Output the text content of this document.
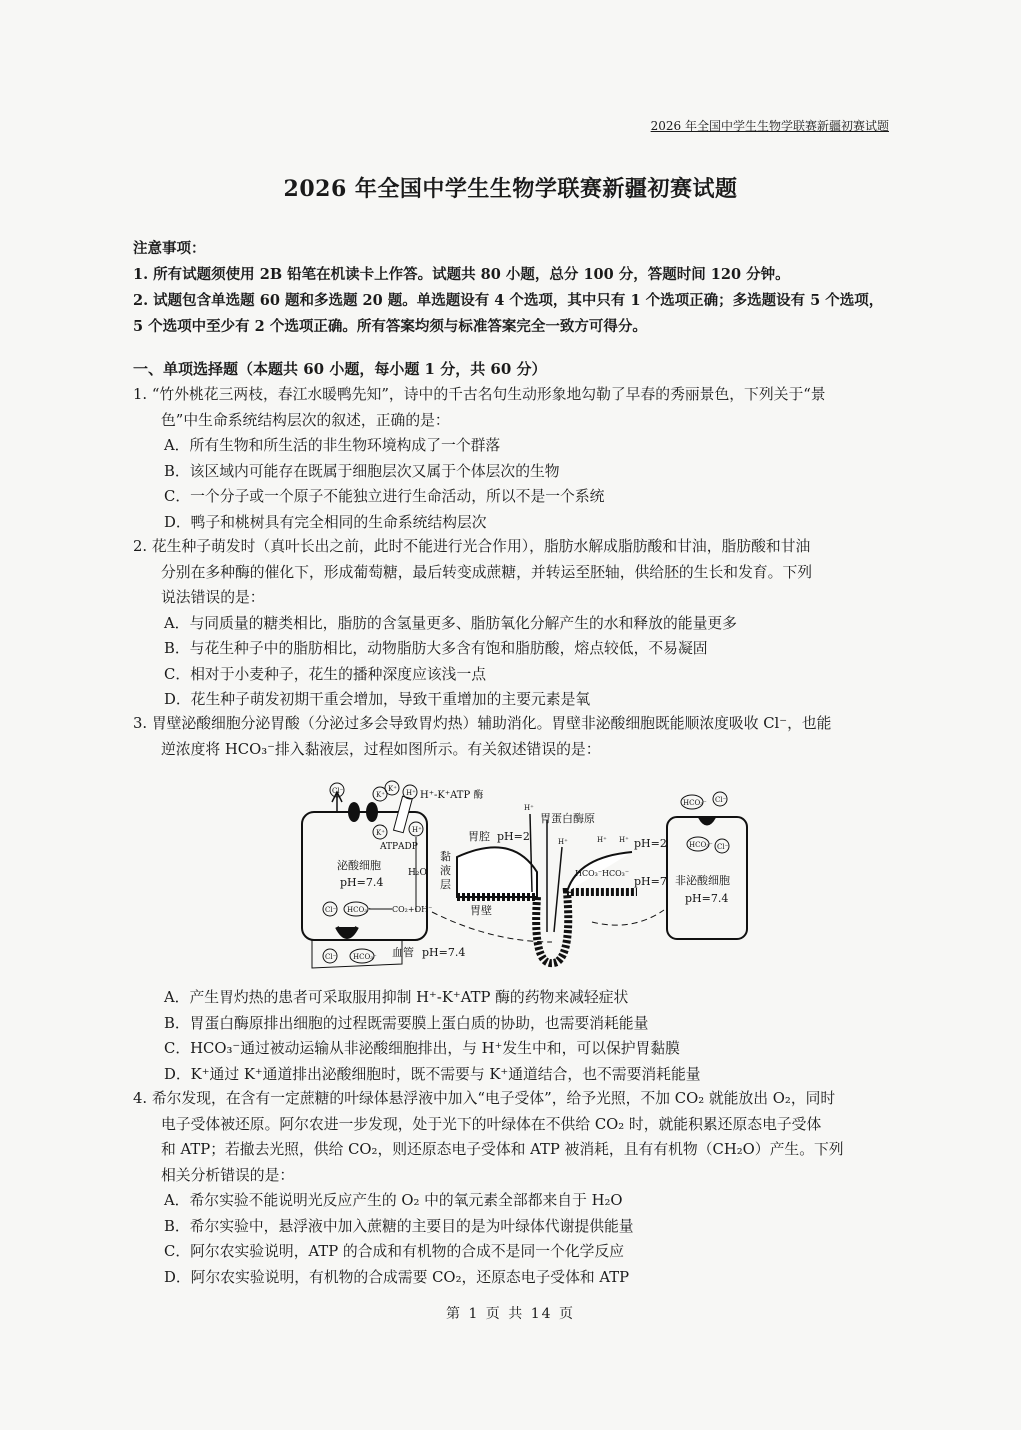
2026 年全国中学生生物学联赛新疆初赛试题
2026 年全国中学生生物学联赛新疆初赛试题
注意事项：
1. 所有试题须使用 2B 铅笔在机读卡上作答。试题共 80 小题，总分 100 分，答题时间 120 分钟。
2. 试题包含单选题 60 题和多选题 20 题。单选题设有 4 个选项，其中只有 1 个选项正确；多选题设有 5 个选项，
5 个选项中至少有 2 个选项正确。所有答案均须与标准答案完全一致方可得分。
一、单项选择题（本题共 60 小题，每小题 1 分，共 60 分）
1. “竹外桃花三两枝，春江水暖鸭先知”，诗中的千古名句生动形象地勾勒了早春的秀丽景色，下列关于“景
色”中生命系统结构层次的叙述，正确的是：
A．所有生物和所生活的非生物环境构成了一个群落
B．该区域内可能存在既属于细胞层次又属于个体层次的生物
C．一个分子或一个原子不能独立进行生命活动，所以不是一个系统
D．鸭子和桃树具有完全相同的生命系统结构层次
2. 花生种子萌发时（真叶长出之前，此时不能进行光合作用），脂肪水解成脂肪酸和甘油，脂肪酸和甘油
分别在多种酶的催化下，形成葡萄糖，最后转变成蔗糖，并转运至胚轴，供给胚的生长和发育。下列
说法错误的是：
A．与同质量的糖类相比，脂肪的含氢量更多、脂肪氧化分解产生的水和释放的能量更多
B．与花生种子中的脂肪相比，动物脂肪大多含有饱和脂肪酸，熔点较低，不易凝固
C．相对于小麦种子，花生的播种深度应该浅一点
D．花生种子萌发初期干重会增加，导致干重增加的主要元素是氧
3. 胃壁泌酸细胞分泌胃酸（分泌过多会导致胃灼热）辅助消化。胃壁非泌酸细胞既能顺浓度吸收 Cl⁻，也能
逆浓度将 HCO₃⁻排入黏液层，过程如图所示。有关叙述错误的是：
Cl⁻	K⁺
K⁺
K⁺
H⁺ H⁺-K⁺ATP 酶
H⁺
ATP ADP
H₂O
泌酸细胞
pH=7.4
Cl⁻ HCO₃⁻	CO₂+OH⁻
Cl⁻ HCO₃⁻ 血管 pH=7.4
胃腔 pH=2
黏
液
层
胃壁
H⁺
胃蛋白酶原
H⁺	H⁺ H⁺ pH=2
pH=7
HCO₃⁻ HCO₃⁻
HCO₃⁻ Cl⁻
HCO₃⁻ Cl⁻
非泌酸细胞
pH=7.4
A．产生胃灼热的患者可采取服用抑制 H⁺-K⁺ATP 酶的药物来减轻症状
B．胃蛋白酶原排出细胞的过程既需要膜上蛋白质的协助，也需要消耗能量
C．HCO₃⁻通过被动运输从非泌酸细胞排出，与 H⁺发生中和，可以保护胃黏膜
D．K⁺通过 K⁺通道排出泌酸细胞时，既不需要与 K⁺通道结合，也不需要消耗能量
4. 希尔发现，在含有一定蔗糖的叶绿体悬浮液中加入“电子受体”，给予光照，不加 CO₂ 就能放出 O₂，同时
电子受体被还原。阿尔农进一步发现，处于光下的叶绿体在不供给 CO₂ 时，就能积累还原态电子受体
和 ATP；若撤去光照，供给 CO₂，则还原态电子受体和 ATP 被消耗，且有有机物（CH₂O）产生。下列
相关分析错误的是：
A．希尔实验不能说明光反应产生的 O₂ 中的氧元素全部都来自于 H₂O
B．希尔实验中，悬浮液中加入蔗糖的主要目的是为叶绿体代谢提供能量
C．阿尔农实验说明，ATP 的合成和有机物的合成不是同一个化学反应
D．阿尔农实验说明，有机物的合成需要 CO₂，还原态电子受体和 ATP
第 1 页 共 14 页
